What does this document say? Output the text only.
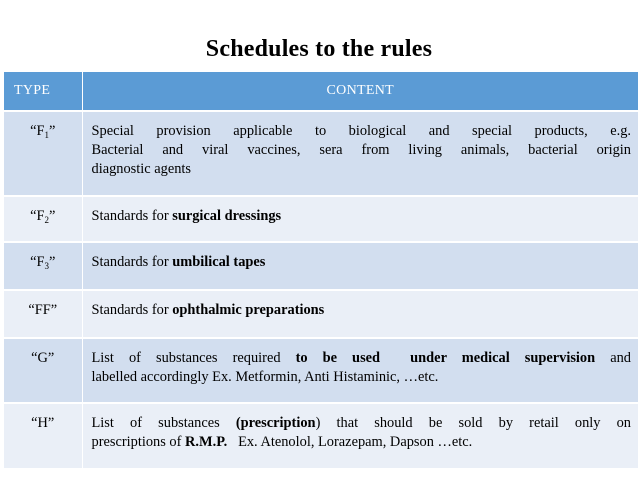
Schedules to the rules
TYPE	CONTENT
“$F_1$”	Special provision applicable to biological and special products, e.g.
Bacterial and viral vaccines, sera from living animals, bacterial origin
diagnostic agents

“$F_2$”	Standards for surgical dressings
“$F_3$”	Standards for umbilical tapes
“FF”	Standards for ophthalmic preparations
“G”	List of substances required to be used under medical supervision and
labelled accordingly Ex. Metformin, Anti Histaminic, …etc.

“H”	List of substances (prescription) that should be sold by retail only on
prescriptions of R.M.P.   Ex. Atenolol, Lorazepam, Dapson …etc.
